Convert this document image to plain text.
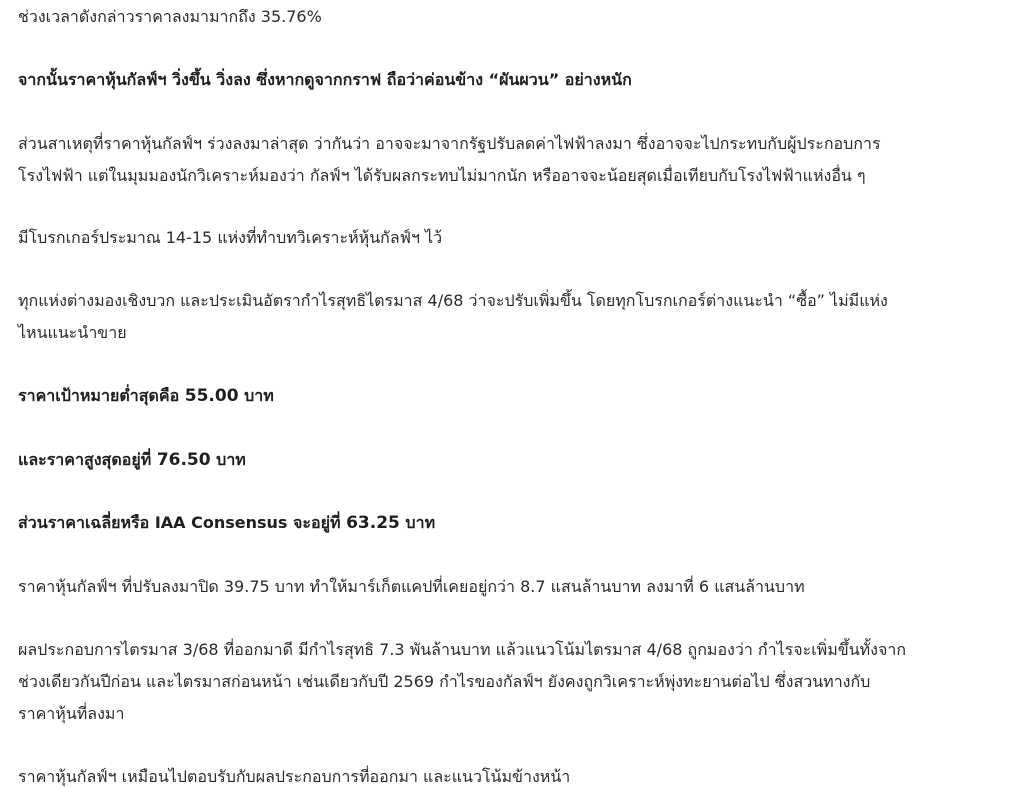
ช่วงเวลาดังกล่าวราคาลงมามากถึง 35.76%

จากนั้นราคาหุ้นกัลฟ์ฯ วิ่งขึ้น วิ่งลง ซึ่งหากดูจากกราฟ ถือว่าค่อนข้าง “ผันผวน” อย่างหนัก

ส่วนสาเหตุที่ราคาหุ้นกัลฟ์ฯ ร่วงลงมาล่าสุด ว่ากันว่า อาจจะมาจากรัฐปรับลดค่าไฟฟ้าลงมา ซึ่งอาจจะไปกระทบกับผู้ประกอบการ
โรงไฟฟ้า แต่ในมุมมองนักวิเคราะห์มองว่า กัลฟ์ฯ ได้รับผลกระทบไม่มากนัก หรืออาจจะน้อยสุดเมื่อเทียบกับโรงไฟฟ้าแห่งอื่น ๆ

มีโบรกเกอร์ประมาณ 14-15 แห่งที่ทำบทวิเคราะห์หุ้นกัลฟ์ฯ ไว้

ทุกแห่งต่างมองเชิงบวก และประเมินอัตรากำไรสุทธิไตรมาส 4/68 ว่าจะปรับเพิ่มขึ้น โดยทุกโบรกเกอร์ต่างแนะนำ “ซื้อ” ไม่มีแห่ง
ไหนแนะนำขาย

ราคาเป้าหมายต่ำสุดคือ 55.00 บาท

และราคาสูงสุดอยู่ที่ 76.50 บาท

ส่วนราคาเฉลี่ยหรือ IAA Consensus จะอยู่ที่ 63.25 บาท

ราคาหุ้นกัลฟ์ฯ ที่ปรับลงมาปิด 39.75 บาท ทำให้มาร์เก็ตแคปที่เคยอยู่กว่า 8.7 แสนล้านบาท ลงมาที่ 6 แสนล้านบาท

ผลประกอบการไตรมาส 3/68 ที่ออกมาดี มีกำไรสุทธิ 7.3 พันล้านบาท แล้วแนวโน้มไตรมาส 4/68 ถูกมองว่า กำไรจะเพิ่มขึ้นทั้งจาก
ช่วงเดียวกันปีก่อน และไตรมาสก่อนหน้า เช่นเดียวกับปี 2569 กำไรของกัลฟ์ฯ ยังคงถูกวิเคราะห์พุ่งทะยานต่อไป ซึ่งสวนทางกับ
ราคาหุ้นที่ลงมา

ราคาหุ้นกัลฟ์ฯ เหมือนไปตอบรับกับผลประกอบการที่ออกมา และแนวโน้มข้างหน้า
